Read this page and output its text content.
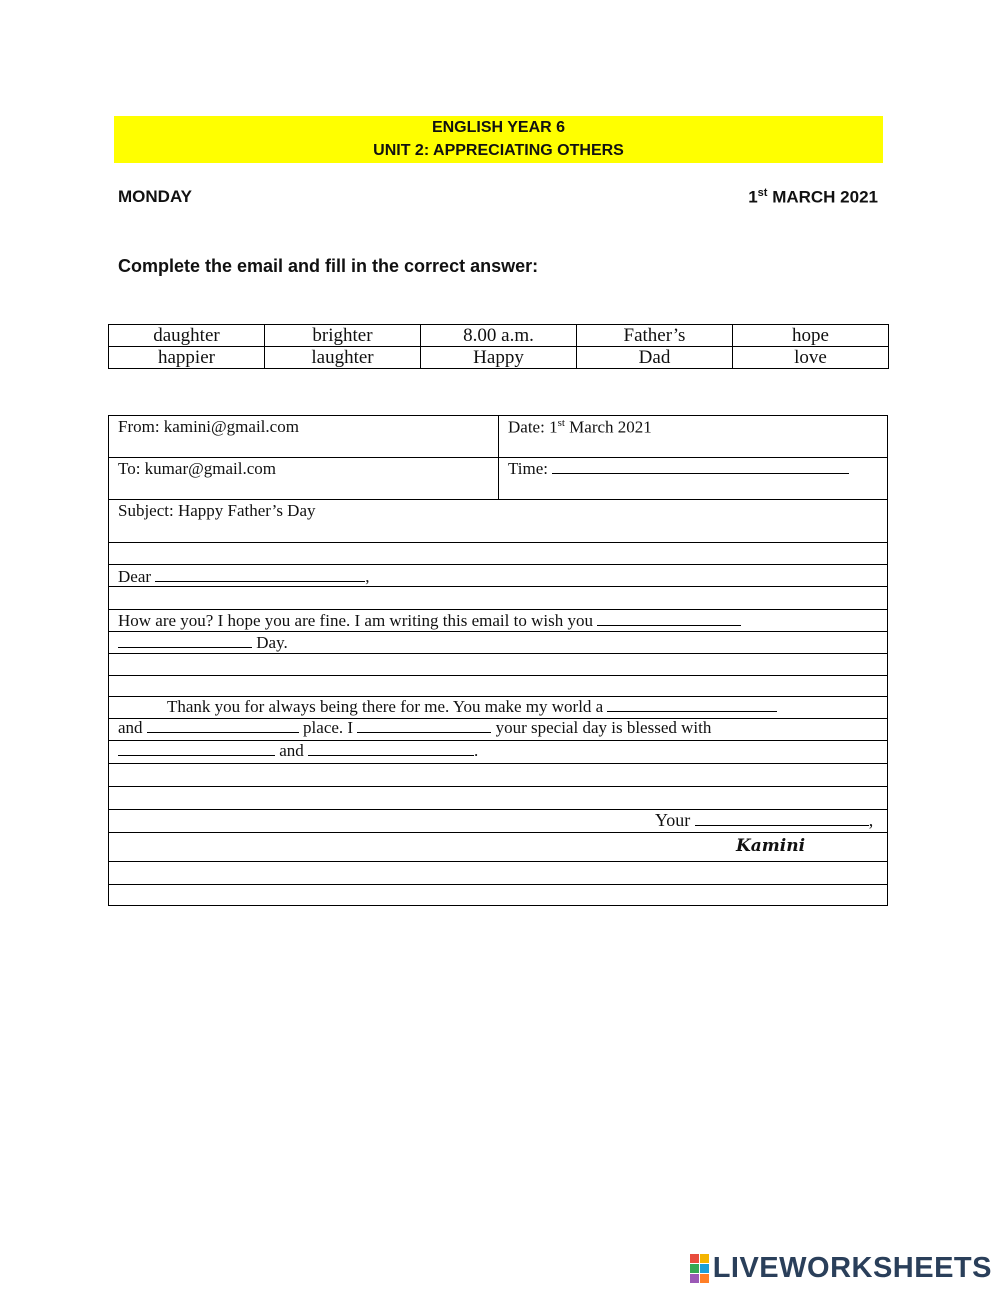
ENGLISH YEAR 6
UNIT 2: APPRECIATING OTHERS
MONDAY	1st MARCH 2021
Complete the email and fill in the correct answer:
daughter	brighter	8.00 a.m.	Father’s	hope
happier	laughter	Happy	Dad	love
From: kamini@gmail.com	Date: 1st March 2021
To: kumar@gmail.com	Time:
Subject: Happy Father’s Day
Dear	,
How are you? I hope you are fine. I am writing this email to wish you
Day.
Thank you for always being there for me. You make my world a
and	place. I	your special day is blessed with
and	.
Your	,
Kamini
LIVEWORKSHEETS
